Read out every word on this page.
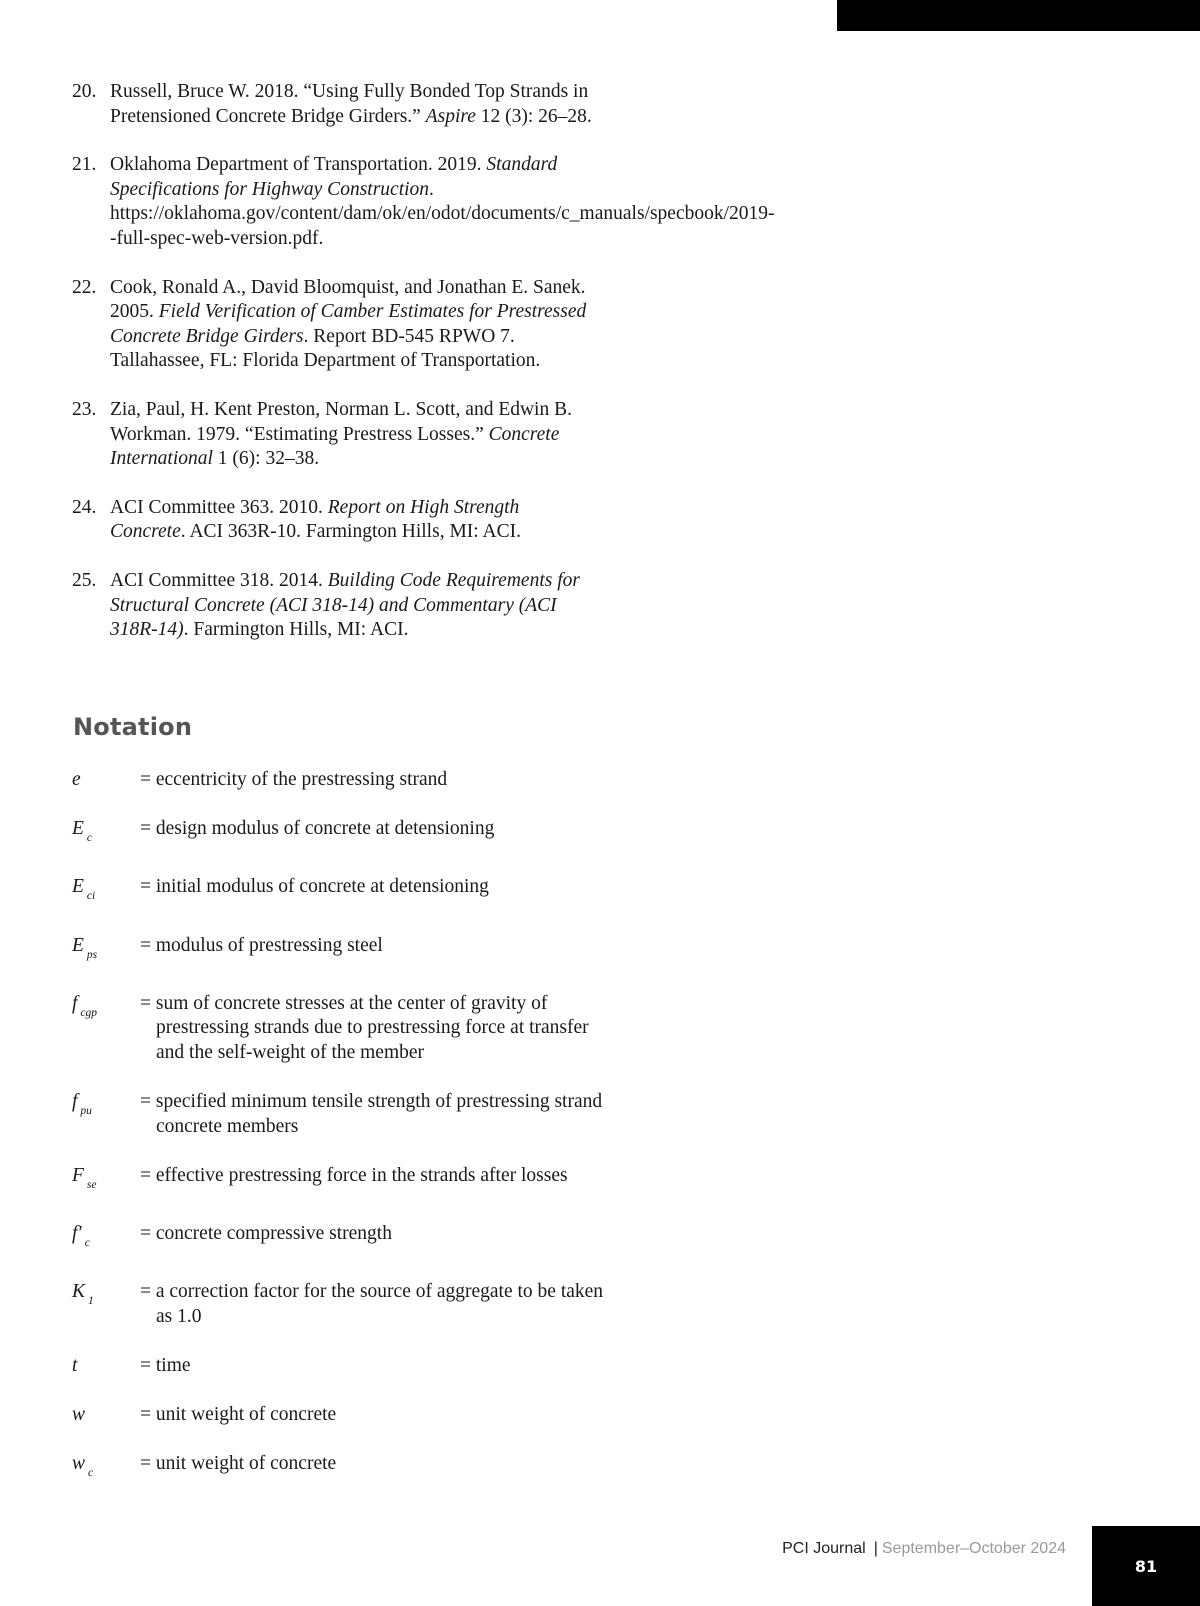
20. Russell, Bruce W. 2018. “Using Fully Bonded Top Strands in Pretensioned Concrete Bridge Girders.” Aspire 12 (3): 26–28.
21. Oklahoma Department of Transportation. 2019. Standard Specifications for Highway Construction. https://oklahoma.gov/content/dam/ok/en/odot/documents/c_manuals/specbook/2019--full-spec-web-version.pdf.
22. Cook, Ronald A., David Bloomquist, and Jonathan E. Sanek. 2005. Field Verification of Camber Estimates for Prestressed Concrete Bridge Girders. Report BD-545 RPWO 7. Tallahassee, FL: Florida Department of Transportation.
23. Zia, Paul, H. Kent Preston, Norman L. Scott, and Edwin B. Workman. 1979. “Estimating Prestress Losses.” Concrete International 1 (6): 32–38.
24. ACI Committee 363. 2010. Report on High Strength Concrete. ACI 363R-10. Farmington Hills, MI: ACI.
25. ACI Committee 318. 2014. Building Code Requirements for Structural Concrete (ACI 318-14) and Commentary (ACI 318R-14). Farmington Hills, MI: ACI.
Notation
e	= eccentricity of the prestressing strand
E $_c$	= design modulus of concrete at detensioning
E $_{ci}$	= initial modulus of concrete at detensioning
E $_{ps}$	= modulus of prestressing steel
f $_{cgp}$	= sum of concrete stresses at the center of gravity of prestressing strands due to prestressing force at transfer and the self-weight of the member
f $_{pu}$	= specified minimum tensile strength of prestressing strand concrete members
F $_{se}$	= effective prestressing force in the strands after losses
f′ $_c$	= concrete compressive strength
K $_1$	= a correction factor for the source of aggregate to be taken as 1.0
t	= time
w	= unit weight of concrete
w $_c$	= unit weight of concrete
PCI Journal | September–October 2024
81
